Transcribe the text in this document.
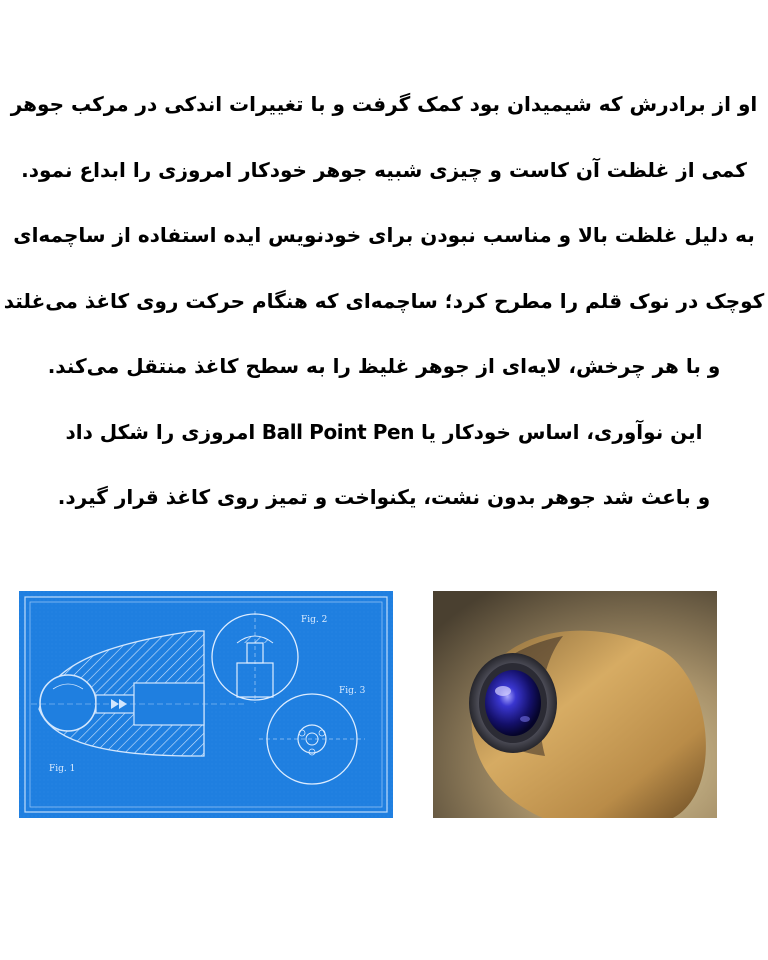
او از برادرش که شیمیدان بود کمک گرفت و با تغییرات اندکی در مرکب جوهر
کمی از غلظت آن کاست و چیزی شبیه جوهر خودکار امروزی را ابداع نمود.
به دلیل غلظت بالا و مناسب نبودن برای خودنویس ایده استفاده از ساچمه‌ای
کوچک در نوک قلم را مطرح کرد؛ ساچمه‌ای که هنگام حرکت روی کاغذ می‌غلتد
و با هر چرخش، لایه‌ای از جوهر غلیظ را به سطح کاغذ منتقل می‌کند.
این نوآوری، اساس خودکار یا Ball Point Pen امروزی را شکل داد
و باعث شد جوهر بدون نشت، یکنواخت و تمیز روی کاغذ قرار گیرد.
Fig. 2
Fig. 3
Fig. 1
